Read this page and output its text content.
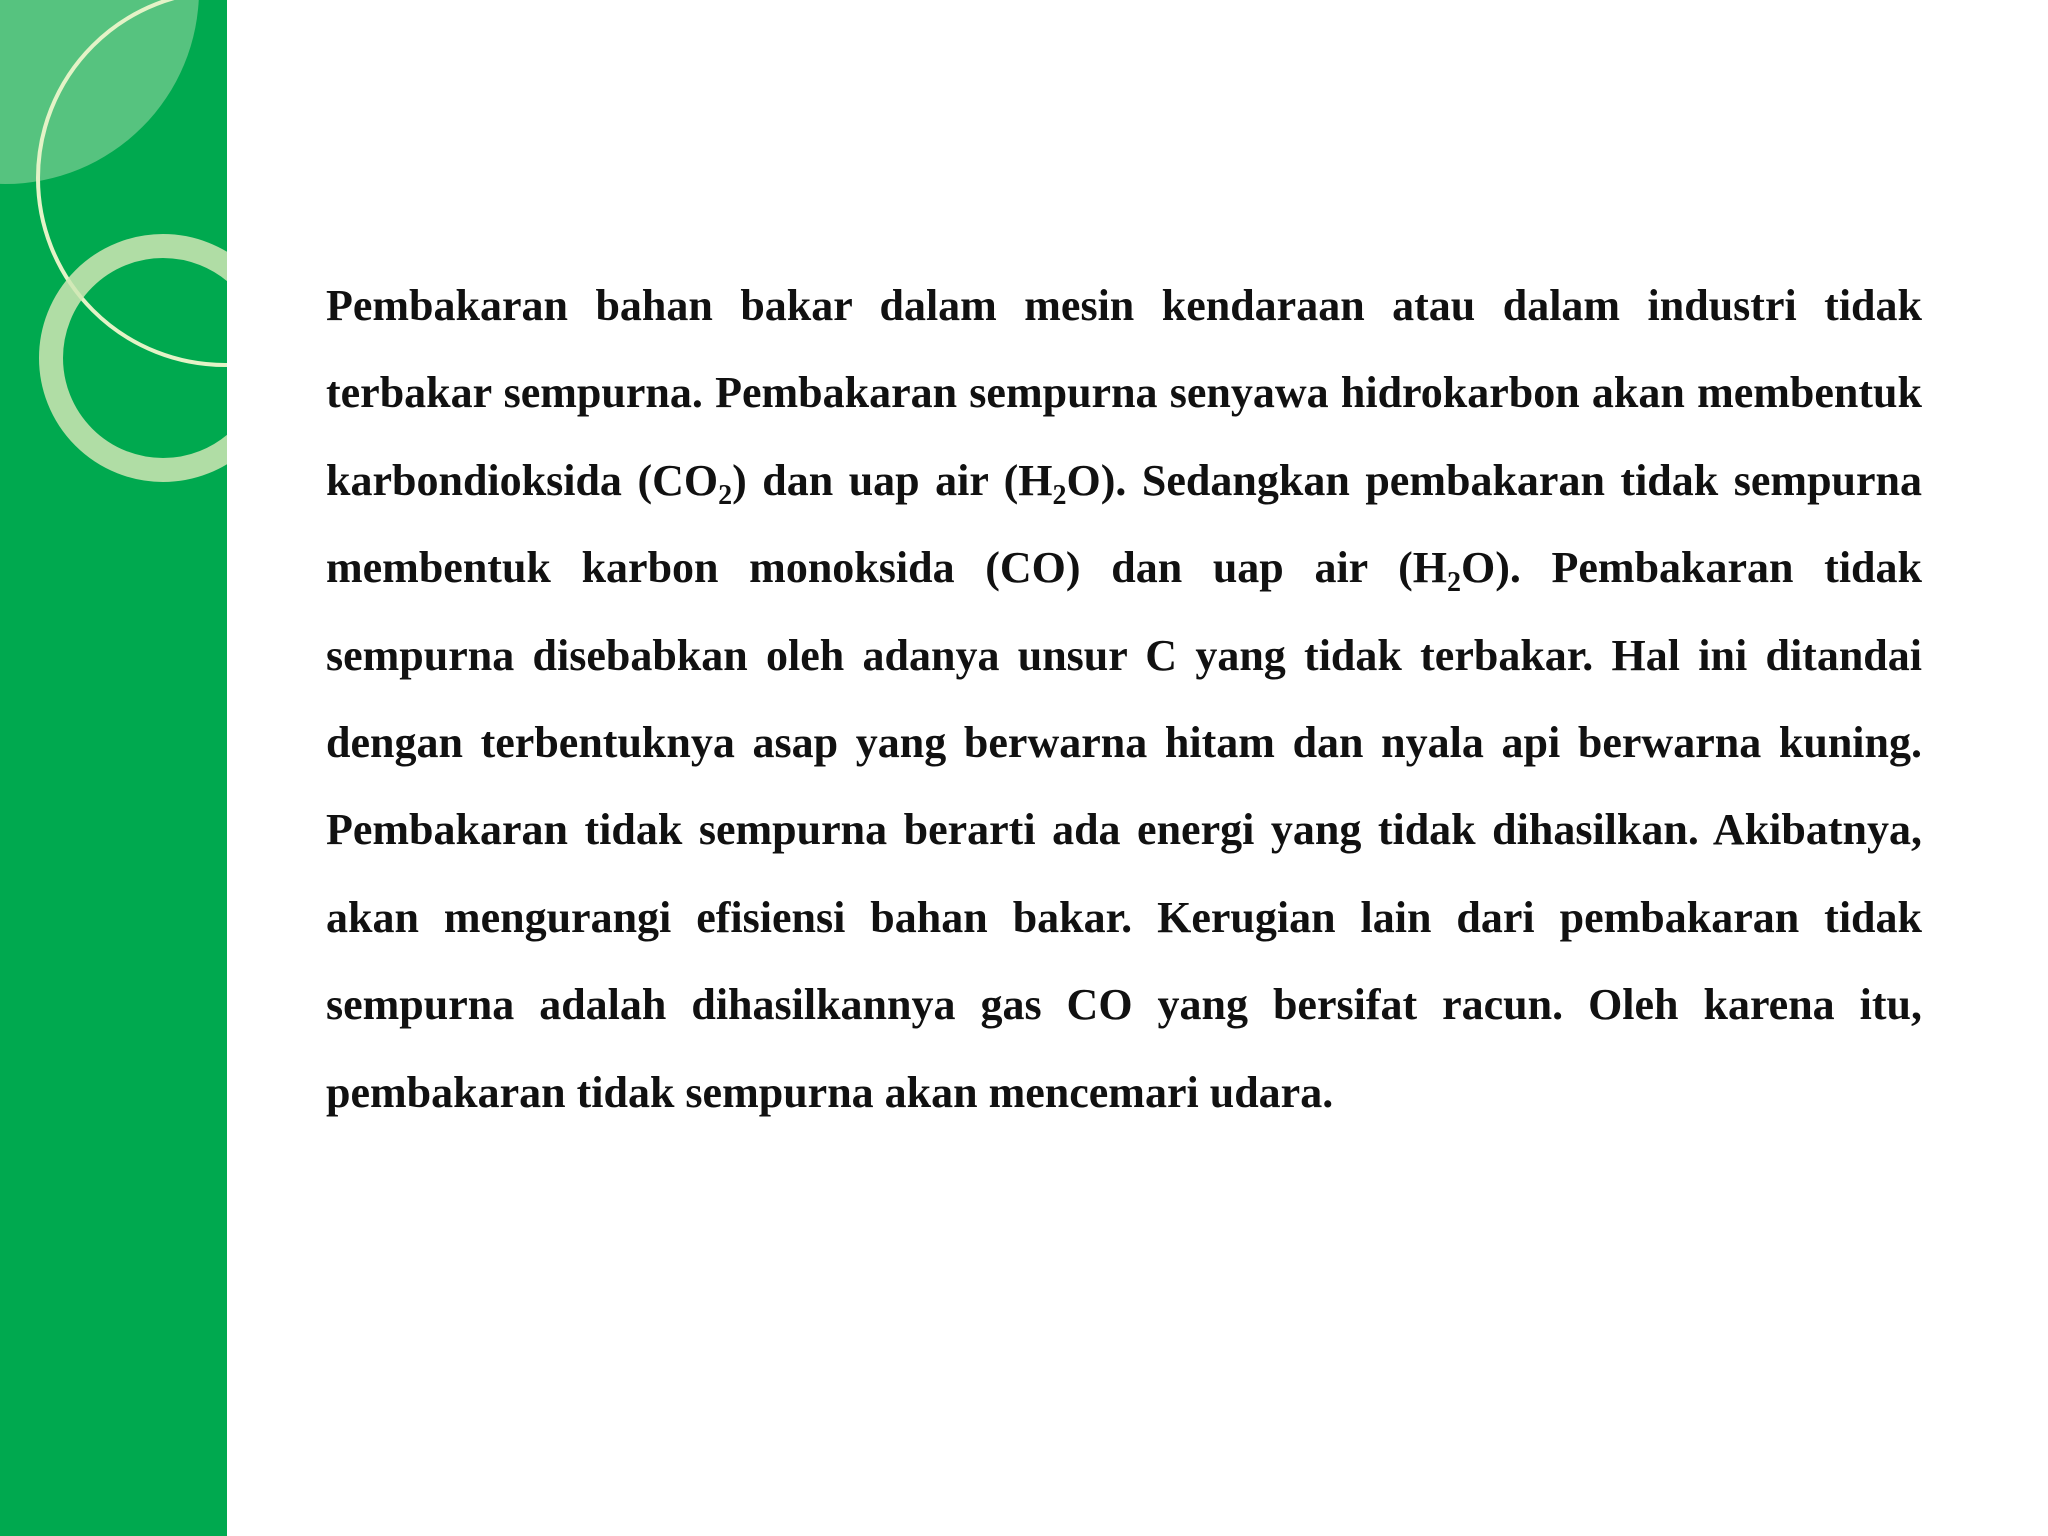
Pembakaran bahan bakar dalam mesin kendaraan atau dalam industri tidak terbakar sempurna. Pembakaran sempurna senyawa hidrokarbon akan membentuk karbondioksida $(CO_2)$ dan uap air $(H_2O)$. Sedangkan pembakaran tidak sempurna membentuk karbon monoksida (CO) dan uap air $(H_2O)$. Pembakaran tidak sempurna disebabkan oleh adanya unsur C yang tidak terbakar. Hal ini ditandai dengan terbentuknya asap yang berwarna hitam dan nyala api berwarna kuning. Pembakaran tidak sempurna berarti ada energi yang tidak dihasilkan. Akibatnya, akan mengurangi efisiensi bahan bakar. Kerugian lain dari pembakaran tidak sempurna adalah dihasilkannya gas CO yang bersifat racun. Oleh karena itu, pembakaran tidak sempurna akan mencemari udara.
